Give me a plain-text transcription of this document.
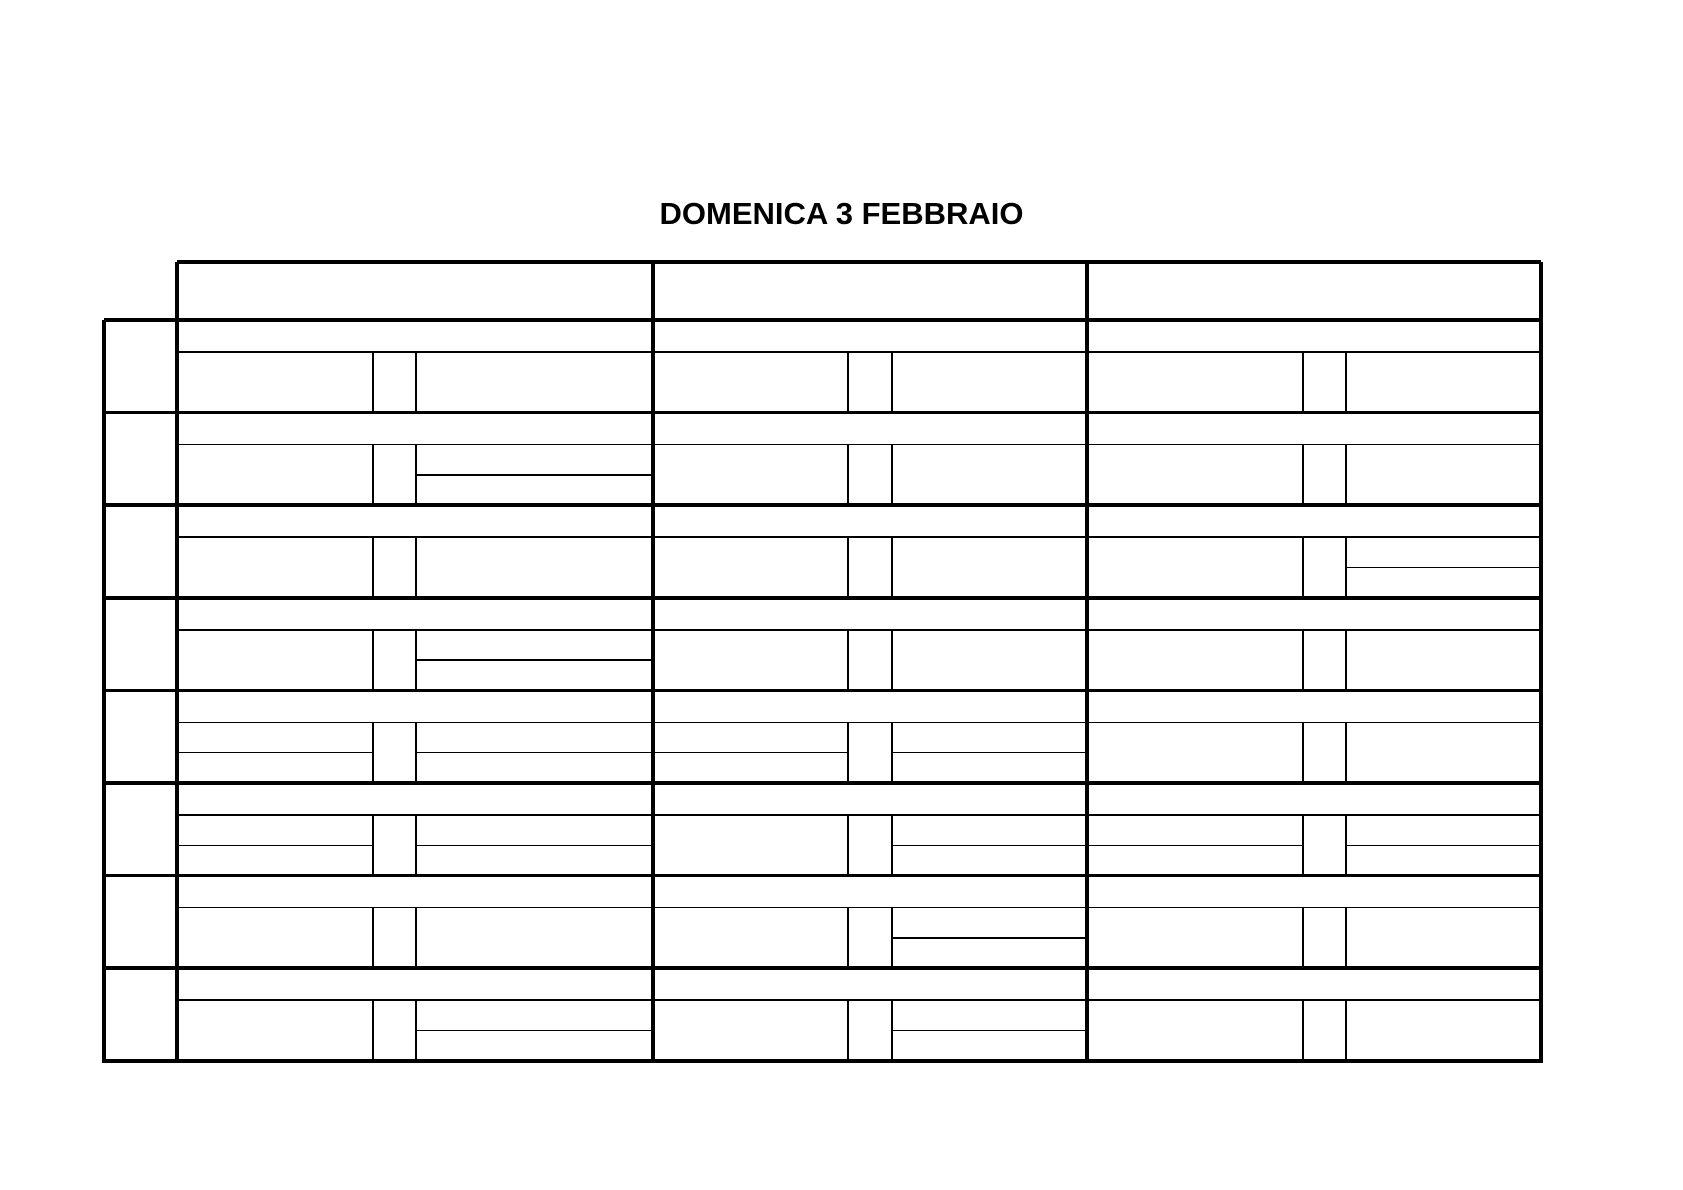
DOMENICA 3 FEBBRAIO
